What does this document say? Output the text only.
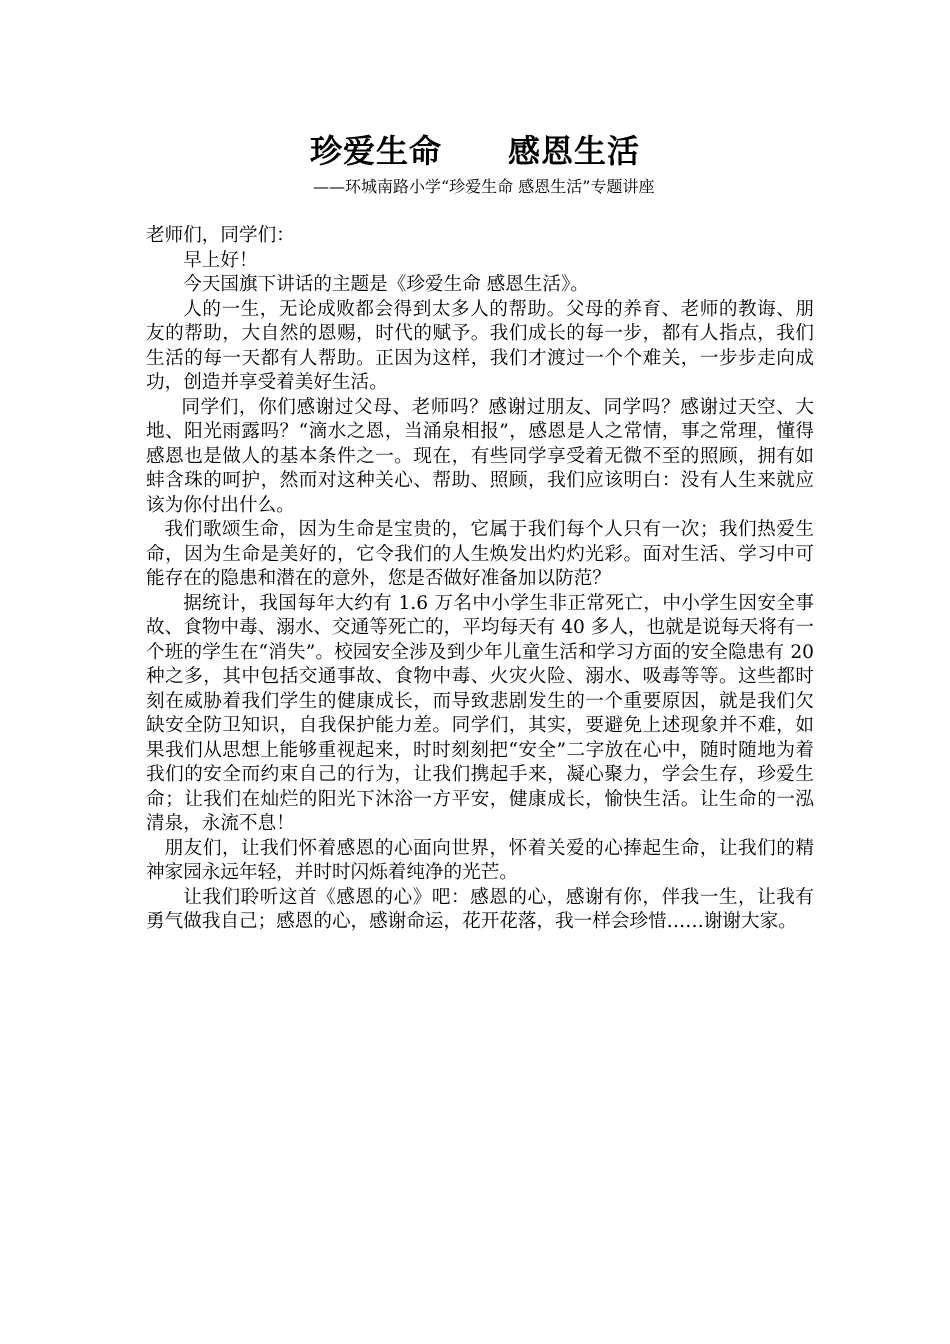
珍爱生命　　感恩生活
——环城南路小学“珍爱生命 感恩生活”专题讲座

老师们，同学们：

早上好！

今天国旗下讲话的主题是《珍爱生命 感恩生活》。

人的一生，无论成败都会得到太多人的帮助。父母的养育、老师的教诲、朋友的帮助，大自然的恩赐，时代的赋予。我们成长的每一步，都有人指点，我们生活的每一天都有人帮助。正因为这样，我们才渡过一个个难关，一步步走向成功，创造并享受着美好生活。

同学们，你们感谢过父母、老师吗？感谢过朋友、同学吗？感谢过天空、大地、阳光雨露吗？“滴水之恩，当涌泉相报”，感恩是人之常情，事之常理，懂得感恩也是做人的基本条件之一。现在，有些同学享受着无微不至的照顾，拥有如蚌含珠的呵护，然而对这种关心、帮助、照顾，我们应该明白：没有人生来就应该为你付出什么。

我们歌颂生命，因为生命是宝贵的，它属于我们每个人只有一次；我们热爱生命，因为生命是美好的，它令我们的人生焕发出灼灼光彩。面对生活、学习中可能存在的隐患和潜在的意外，您是否做好准备加以防范？

据统计，我国每年大约有 1.6 万名中小学生非正常死亡，中小学生因安全事故、食物中毒、溺水、交通等死亡的，平均每天有 40 多人，也就是说每天将有一个班的学生在“消失”。校园安全涉及到少年儿童生活和学习方面的安全隐患有 20 种之多，其中包括交通事故、食物中毒、火灾火险、溺水、吸毒等等。这些都时刻在威胁着我们学生的健康成长，而导致悲剧发生的一个重要原因，就是我们欠缺安全防卫知识，自我保护能力差。同学们，其实，要避免上述现象并不难，如果我们从思想上能够重视起来，时时刻刻把“安全”二字放在心中，随时随地为着我们的安全而约束自己的行为，让我们携起手来，凝心聚力，学会生存，珍爱生命；让我们在灿烂的阳光下沐浴一方平安，健康成长，愉快生活。让生命的一泓清泉，永流不息！

朋友们，让我们怀着感恩的心面向世界，怀着关爱的心捧起生命，让我们的精神家园永远年轻，并时时闪烁着纯净的光芒。

让我们聆听这首《感恩的心》吧：感恩的心，感谢有你，伴我一生，让我有勇气做我自己；感恩的心，感谢命运，花开花落，我一样会珍惜……谢谢大家。
